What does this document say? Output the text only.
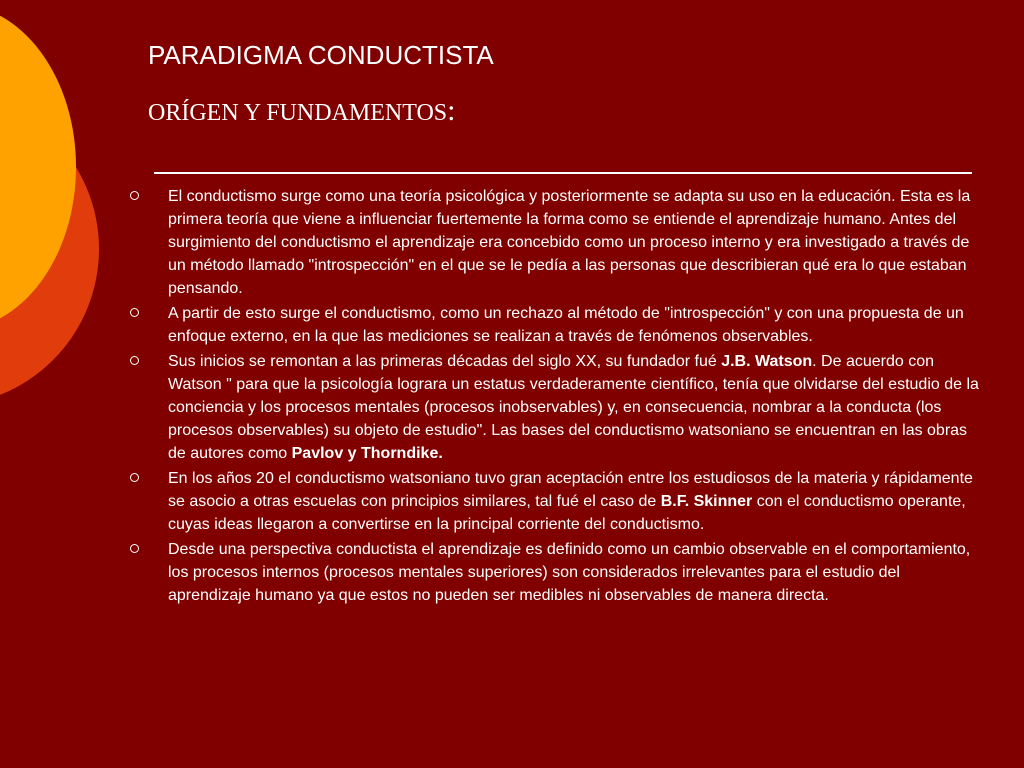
PARADIGMA CONDUCTISTA
ORÍGEN Y FUNDAMENTOS:
El conductismo surge como una teoría psicológica y posteriormente se adapta su uso en la educación. Esta es la primera teoría que viene a influenciar fuertemente la forma como se entiende el aprendizaje humano. Antes del surgimiento del conductismo el aprendizaje era concebido como un proceso interno y era investigado a través de un método llamado "introspección" en el que se le pedía a las personas que describieran qué era lo que estaban pensando.
A partir de esto surge el conductismo, como un rechazo al método de "introspección" y con una propuesta de un enfoque externo, en la que las mediciones se realizan a través de fenómenos observables.
Sus inicios se remontan a las primeras décadas del siglo XX, su fundador fué J.B. Watson. De acuerdo con Watson " para que la psicología lograra un estatus verdaderamente científico, tenía que olvidarse del estudio de la conciencia y los procesos mentales (procesos inobservables) y, en consecuencia, nombrar a la conducta (los procesos observables) su objeto de estudio". Las bases del conductismo watsoniano se encuentran en las obras de autores como Pavlov y Thorndike.
En los años 20 el conductismo watsoniano tuvo gran aceptación entre los estudiosos de la materia y rápidamente se asocio a otras escuelas con principios similares, tal fué el caso de B.F. Skinner con el conductismo operante, cuyas ideas llegaron a convertirse en la principal corriente del conductismo.
Desde una perspectiva conductista el aprendizaje es definido como un cambio observable en el comportamiento, los procesos internos (procesos mentales superiores) son considerados irrelevantes para el estudio del aprendizaje humano ya que estos no pueden ser medibles ni observables de manera directa.
